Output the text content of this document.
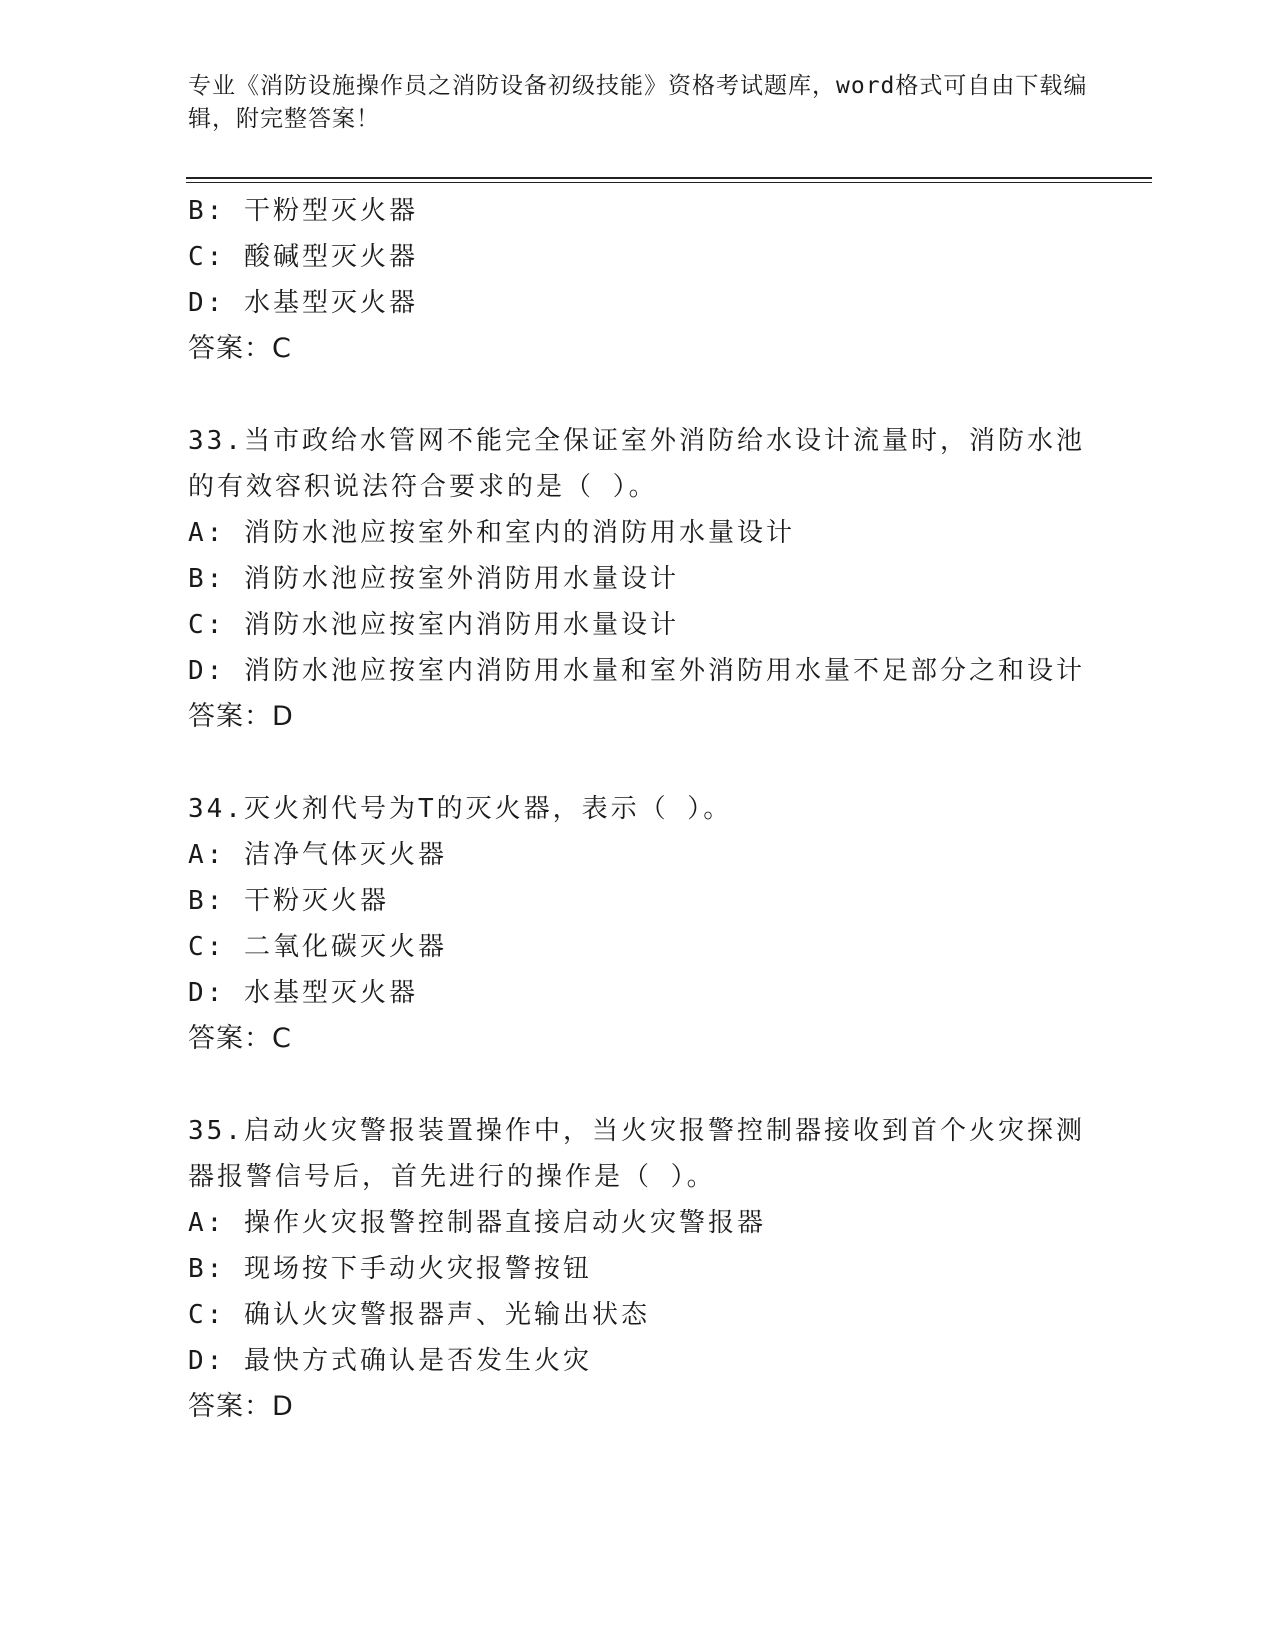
专业《消防设施操作员之消防设备初级技能》资格考试题库，word格式可自由下载编辑，附完整答案！
B: 干粉型灭火器
C: 酸碱型灭火器
D: 水基型灭火器
答案：C
33.当市政给水管网不能完全保证室外消防给水设计流量时，消防水池
的有效容积说法符合要求的是（ ）。
A: 消防水池应按室外和室内的消防用水量设计
B: 消防水池应按室外消防用水量设计
C: 消防水池应按室内消防用水量设计
D: 消防水池应按室内消防用水量和室外消防用水量不足部分之和设计
答案：D
34.灭火剂代号为T的灭火器，表示（ ）。
A: 洁净气体灭火器
B: 干粉灭火器
C: 二氧化碳灭火器
D: 水基型灭火器
答案：C
35.启动火灾警报装置操作中，当火灾报警控制器接收到首个火灾探测
器报警信号后，首先进行的操作是（ ）。
A: 操作火灾报警控制器直接启动火灾警报器
B: 现场按下手动火灾报警按钮
C: 确认火灾警报器声、光输出状态
D: 最快方式确认是否发生火灾
答案：D
